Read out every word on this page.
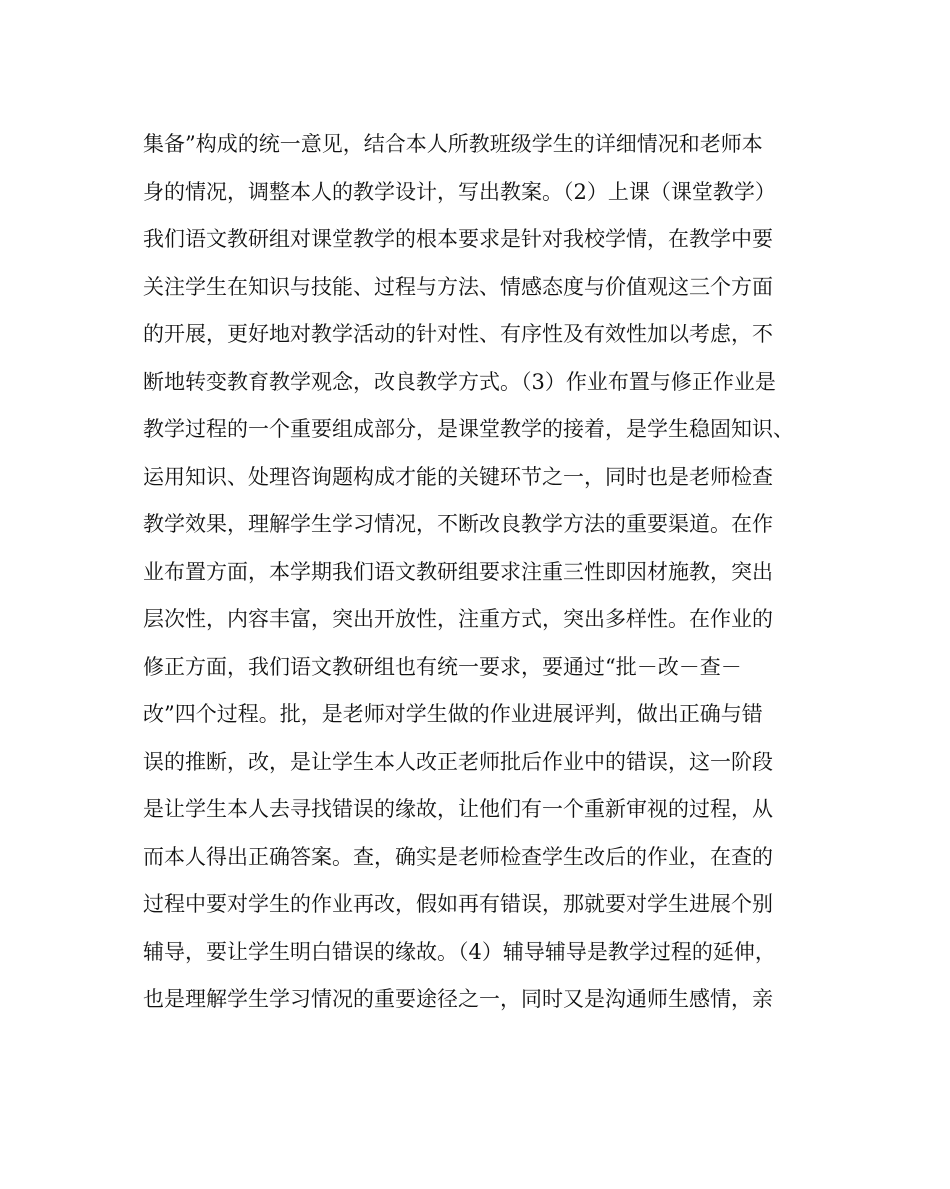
集备”构成的统一意见，结合本人所教班级学生的详细情况和老师本
身的情况，调整本人的教学设计，写出教案。（2）上课（课堂教学）
我们语文教研组对课堂教学的根本要求是针对我校学情，在教学中要
关注学生在知识与技能、过程与方法、情感态度与价值观这三个方面
的开展，更好地对教学活动的针对性、有序性及有效性加以考虑，不
断地转变教育教学观念，改良教学方式。（3）作业布置与修正作业是
教学过程的一个重要组成部分，是课堂教学的接着，是学生稳固知识、
运用知识、处理咨询题构成才能的关键环节之一，同时也是老师检查
教学效果，理解学生学习情况，不断改良教学方法的重要渠道。在作
业布置方面，本学期我们语文教研组要求注重三性即因材施教，突出
层次性，内容丰富，突出开放性，注重方式，突出多样性。在作业的
修正方面，我们语文教研组也有统一要求，要通过“批－改－查－
改”四个过程。批，是老师对学生做的作业进展评判，做出正确与错
误的推断，改，是让学生本人改正老师批后作业中的错误，这一阶段
是让学生本人去寻找错误的缘故，让他们有一个重新审视的过程，从
而本人得出正确答案。查，确实是老师检查学生改后的作业，在查的
过程中要对学生的作业再改，假如再有错误，那就要对学生进展个别
辅导，要让学生明白错误的缘故。（4）辅导辅导是教学过程的延伸，
也是理解学生学习情况的重要途径之一，同时又是沟通师生感情，亲
